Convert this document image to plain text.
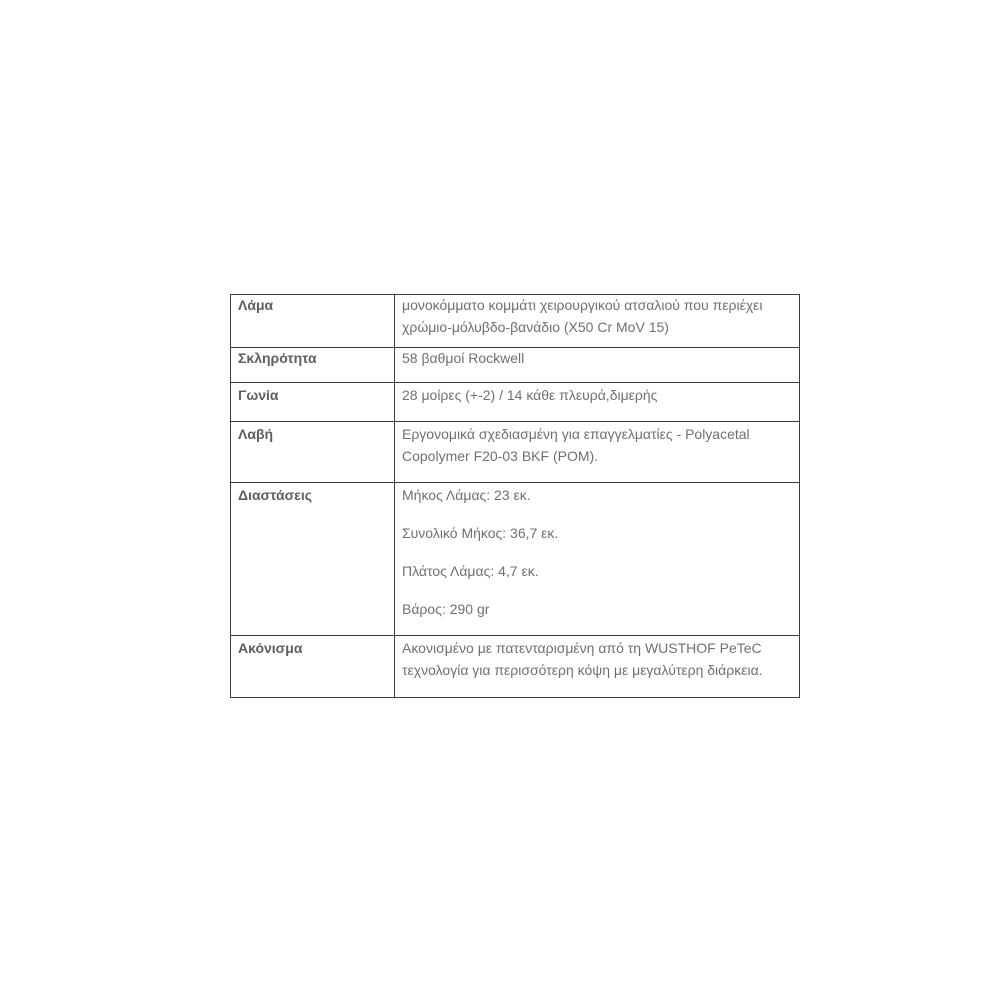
Λάμα	μονοκόμματο κομμάτι χειρουργικού ατσαλιού που περιέχει χρώμιο-μόλυβδο-βανάδιο (X50 Cr MoV 15)

Σκληρότητα	58 βαθμοί Rockwell

Γωνία	28 μοίρες (+-2) / 14 κάθε πλευρά,διμερής

Λαβή	Εργονομικά σχεδιασμένη για επαγγελματίες - Polyacetal Copolymer F20-03 BKF (POM).

Διαστάσεις	Μήκος Λάμας: 23 εκ.

Συνολικό Μήκος: 36,7 εκ.

Πλάτος Λάμας: 4,7 εκ.

Βάρος: 290 gr

Ακόνισμα	Ακονισμένο με πατενταρισμένη από τη WUSTHOF PeTeC τεχνολογία για περισσότερη κόψη με μεγαλύτερη διάρκεια.
